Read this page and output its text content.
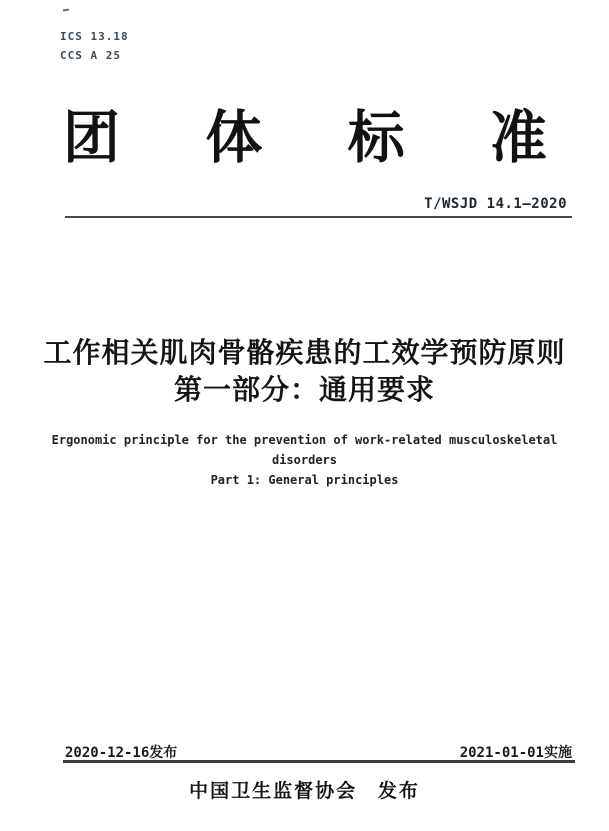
ICS 13.18
CCS A 25
团 体 标 准
T/WSJD 14.1—2020
工作相关肌肉骨骼疾患的工效学预防原则
第一部分：通用要求
Ergonomic principle for the prevention of work-related musculoskeletal
disorders
Part 1: General principles
2020-12-16发布	2021-01-01实施
中国卫生监督协会 发布
